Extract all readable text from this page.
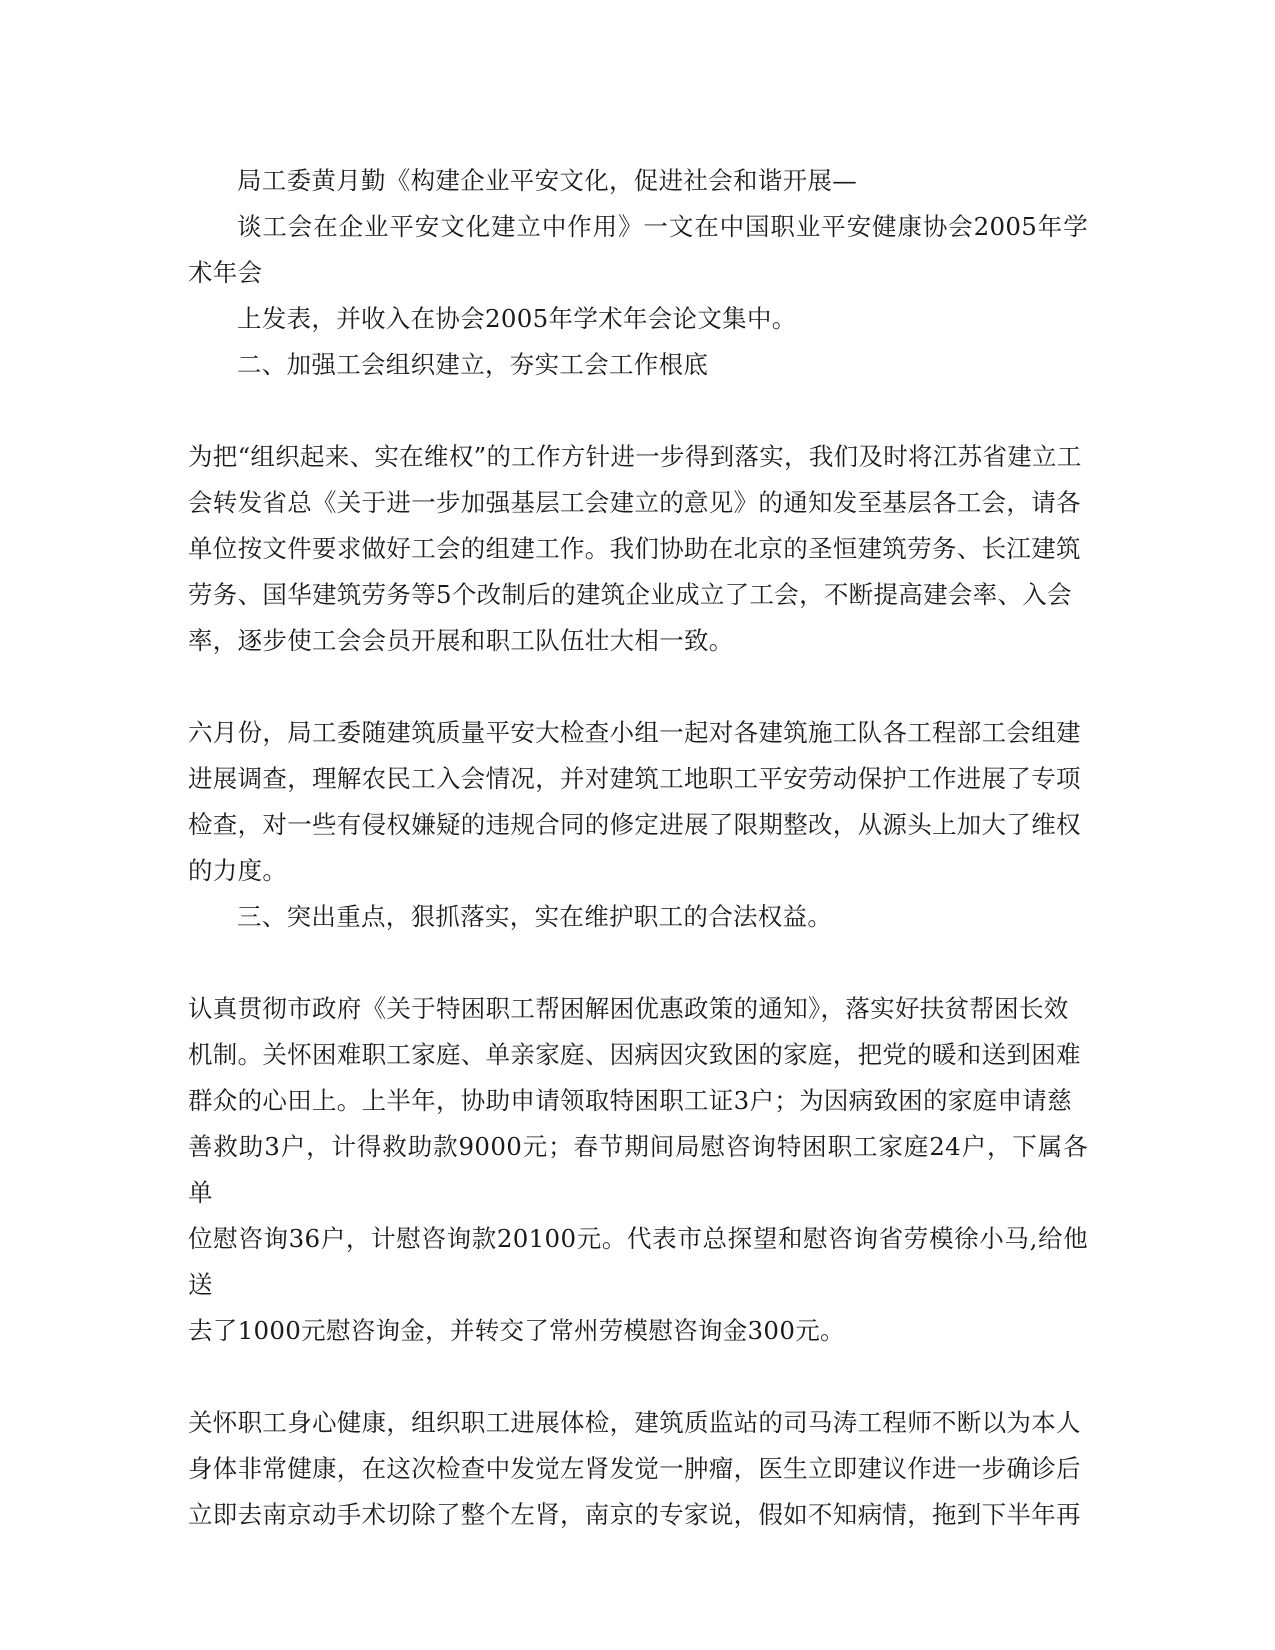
局工委黄月勤《构建企业平安文化，促进社会和谐开展—
谈工会在企业平安文化建立中作用》一文在中国职业平安健康协会2005年学术年会
上发表，并收入在协会2005年学术年会论文集中。

二、加强工会组织建立，夯实工会工作根底

为把“组织起来、实在维权”的工作方针进一步得到落实，我们及时将江苏省建立工
会转发省总《关于进一步加强基层工会建立的意见》的通知发至基层各工会，请各
单位按文件要求做好工会的组建工作。我们协助在北京的圣恒建筑劳务、长江建筑
劳务、国华建筑劳务等5个改制后的建筑企业成立了工会，不断提高建会率、入会
率，逐步使工会会员开展和职工队伍壮大相一致。

六月份，局工委随建筑质量平安大检查小组一起对各建筑施工队各工程部工会组建
进展调查，理解农民工入会情况，并对建筑工地职工平安劳动保护工作进展了专项
检查，对一些有侵权嫌疑的违规合同的修定进展了限期整改，从源头上加大了维权
的力度。

三、突出重点，狠抓落实，实在维护职工的合法权益。

认真贯彻市政府《关于特困职工帮困解困优惠政策的通知》，落实好扶贫帮困长效
机制。关怀困难职工家庭、单亲家庭、因病因灾致困的家庭，把党的暖和送到困难
群众的心田上。上半年，协助申请领取特困职工证3户；为因病致困的家庭申请慈
善救助3户，计得救助款9000元；春节期间局慰咨询特困职工家庭24户，下属各单
位慰咨询36户，计慰咨询款20100元。代表市总探望和慰咨询省劳模徐小马,给他送
去了1000元慰咨询金，并转交了常州劳模慰咨询金300元。

关怀职工身心健康，组织职工进展体检，建筑质监站的司马涛工程师不断以为本人
身体非常健康，在这次检查中发觉左肾发觉一肿瘤，医生立即建议作进一步确诊后
立即去南京动手术切除了整个左肾，南京的专家说，假如不知病情，拖到下半年再
